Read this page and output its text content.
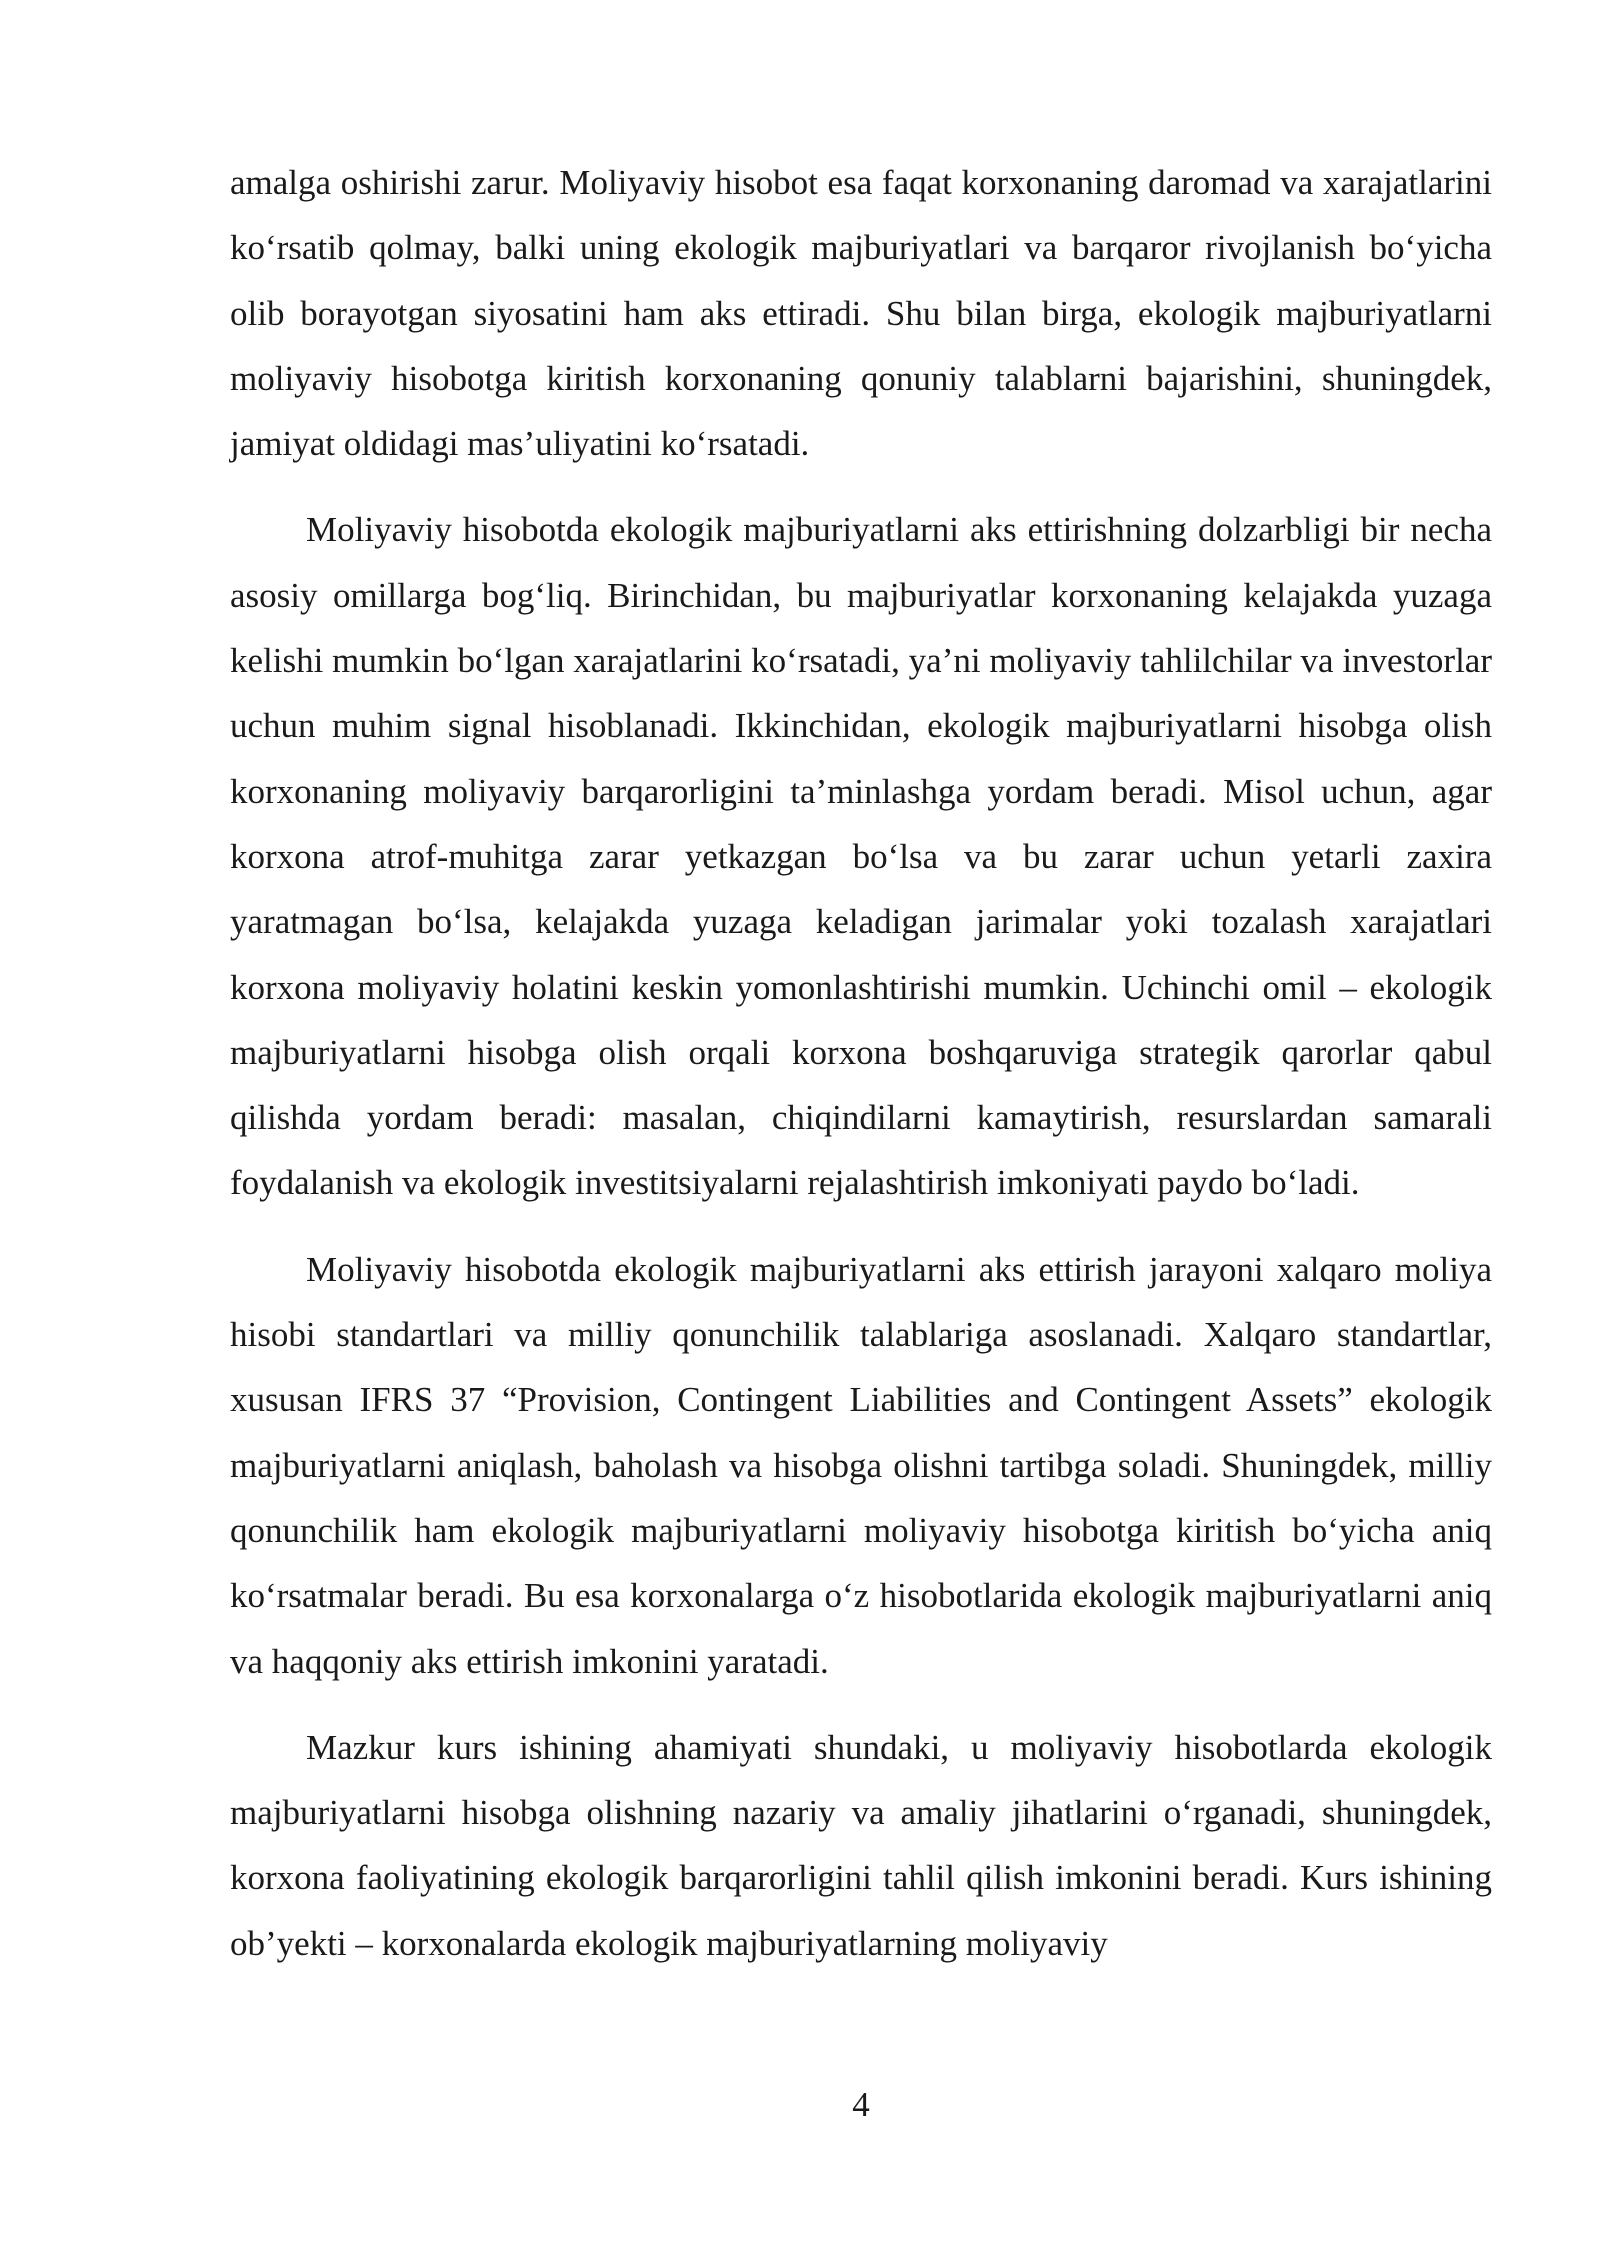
amalga oshirishi zarur. Moliyaviy hisobot esa faqat korxonaning daromad va xarajatlarini ko‘rsatib qolmay, balki uning ekologik majburiyatlari va barqaror rivojlanish bo‘yicha olib borayotgan siyosatini ham aks ettiradi. Shu bilan birga, ekologik majburiyatlarni moliyaviy hisobotga kiritish korxonaning qonuniy talablarni bajarishini, shuningdek, jamiyat oldidagi mas’uliyatini ko‘rsatadi.

Moliyaviy hisobotda ekologik majburiyatlarni aks ettirishning dolzarbligi bir necha asosiy omillarga bog‘liq. Birinchidan, bu majburiyatlar korxonaning kelajakda yuzaga kelishi mumkin bo‘lgan xarajatlarini ko‘rsatadi, ya’ni moliyaviy tahlilchilar va investorlar uchun muhim signal hisoblanadi. Ikkinchidan, ekologik majburiyatlarni hisobga olish korxonaning moliyaviy barqarorligini ta’minlashga yordam beradi. Misol uchun, agar korxona atrof-muhitga zarar yetkazgan bo‘lsa va bu zarar uchun yetarli zaxira yaratmagan bo‘lsa, kelajakda yuzaga keladigan jarimalar yoki tozalash xarajatlari korxona moliyaviy holatini keskin yomonlashtirishi mumkin. Uchinchi omil – ekologik majburiyatlarni hisobga olish orqali korxona boshqaruviga strategik qarorlar qabul qilishda yordam beradi: masalan, chiqindilarni kamaytirish, resurslardan samarali foydalanish va ekologik investitsiyalarni rejalashtirish imkoniyati paydo bo‘ladi.

Moliyaviy hisobotda ekologik majburiyatlarni aks ettirish jarayoni xalqaro moliya hisobi standartlari va milliy qonunchilik talablariga asoslanadi. Xalqaro standartlar, xususan IFRS 37 “Provision, Contingent Liabilities and Contingent Assets” ekologik majburiyatlarni aniqlash, baholash va hisobga olishni tartibga soladi. Shuningdek, milliy qonunchilik ham ekologik majburiyatlarni moliyaviy hisobotga kiritish bo‘yicha aniq ko‘rsatmalar beradi. Bu esa korxonalarga o‘z hisobotlarida ekologik majburiyatlarni aniq va haqqoniy aks ettirish imkonini yaratadi.

Mazkur kurs ishining ahamiyati shundaki, u moliyaviy hisobotlarda ekologik majburiyatlarni hisobga olishning nazariy va amaliy jihatlarini o‘rganadi, shuningdek, korxona faoliyatining ekologik barqarorligini tahlil qilish imkonini beradi. Kurs ishining ob’yekti – korxonalarda ekologik majburiyatlarning moliyaviy

4
